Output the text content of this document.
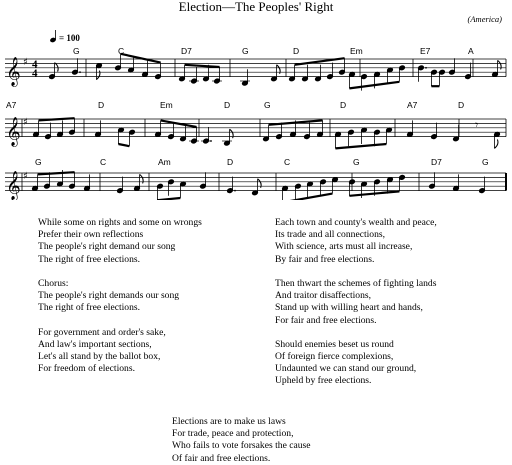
Election—The Peoples' Right
(America)
= 100
𝄞 ♯ 4
4
𝄞 ♯
𝄞 ♯
𝄾
G	C	D7	G	D	Em	E7	A
A7	D	Em	D	G	D	A7	D
G	C	Am	D	C	G	D7	G
While some on rights and some on wrongs
Prefer their own reflections
The people's right demand our song
The right of free elections.
Chorus:
The people's right demands our song
The right of free elections.
For government and order's sake,
And law's important sections,
Let's all stand by the ballot box,
For freedom of elections.
Each town and county's wealth and peace,
Its trade and all connections,
With science, arts must all increase,
By fair and free elections.
Then thwart the schemes of fighting lands
And traitor disaffections,
Stand up with willing heart and hands,
For fair and free elections.
Should enemies beset us round
Of foreign fierce complexions,
Undaunted we can stand our ground,
Upheld by free elections.
Elections are to make us laws
For trade, peace and protection,
Who fails to vote forsakes the cause
Of fair and free elections.
